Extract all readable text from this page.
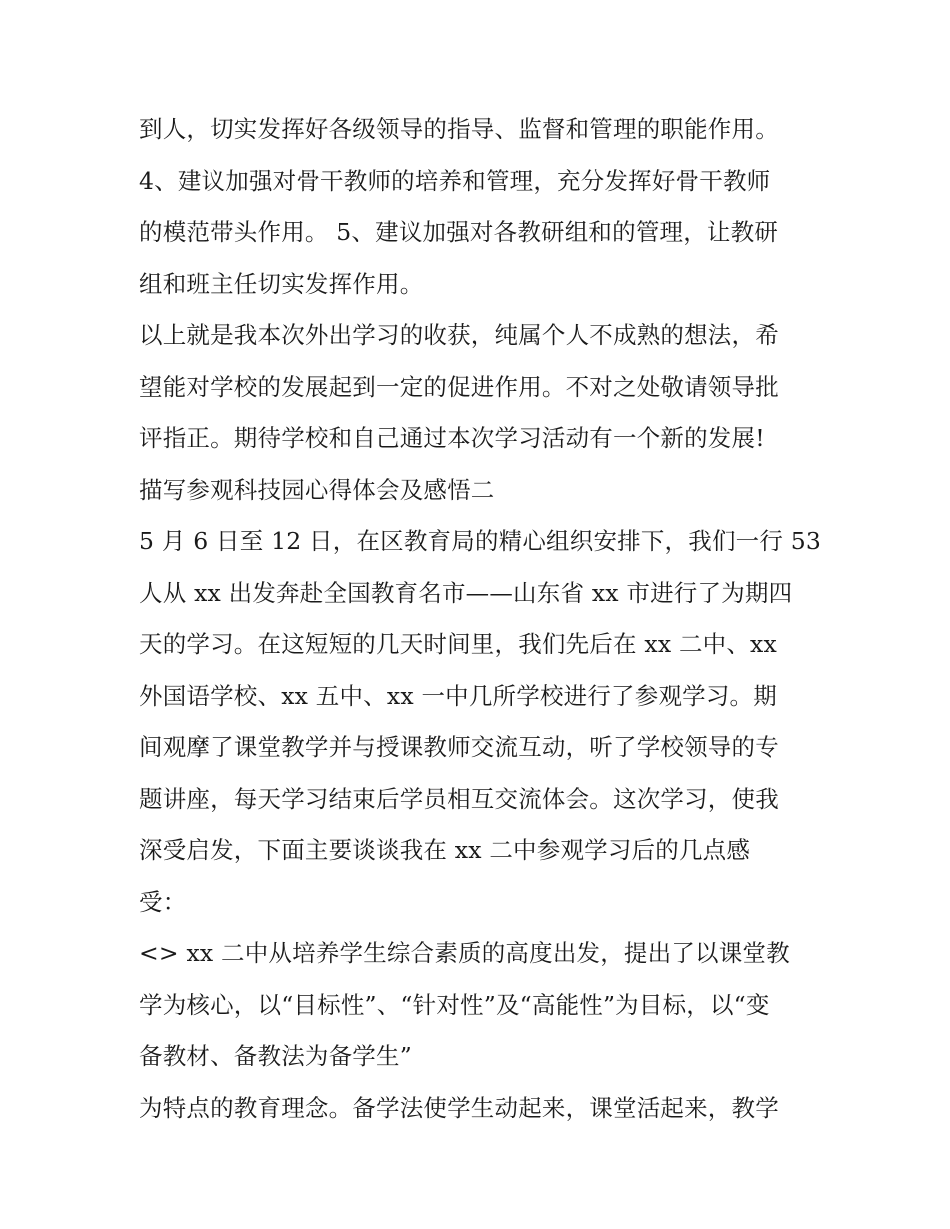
到人，切实发挥好各级领导的指导、监督和管理的职能作用。
4、建议加强对骨干教师的培养和管理，充分发挥好骨干教师
的模范带头作用。 5、建议加强对各教研组和的管理，让教研
组和班主任切实发挥作用。
以上就是我本次外出学习的收获，纯属个人不成熟的想法，希
望能对学校的发展起到一定的促进作用。不对之处敬请领导批
评指正。期待学校和自己通过本次学习活动有一个新的发展!
描写参观科技园心得体会及感悟二
5 月 6 日至 12 日，在区教育局的精心组织安排下，我们一行 53
人从 xx 出发奔赴全国教育名市——山东省 xx 市进行了为期四
天的学习。在这短短的几天时间里，我们先后在 xx 二中、xx
外国语学校、xx 五中、xx 一中几所学校进行了参观学习。期
间观摩了课堂教学并与授课教师交流互动，听了学校领导的专
题讲座，每天学习结束后学员相互交流体会。这次学习，使我
深受启发，下面主要谈谈我在 xx 二中参观学习后的几点感
受：
<> xx 二中从培养学生综合素质的高度出发，提出了以课堂教
学为核心，以“目标性”、“针对性”及“高能性”为目标，以“变
备教材、备教法为备学生”
为特点的教育理念。备学法使学生动起来，课堂活起来，教学
